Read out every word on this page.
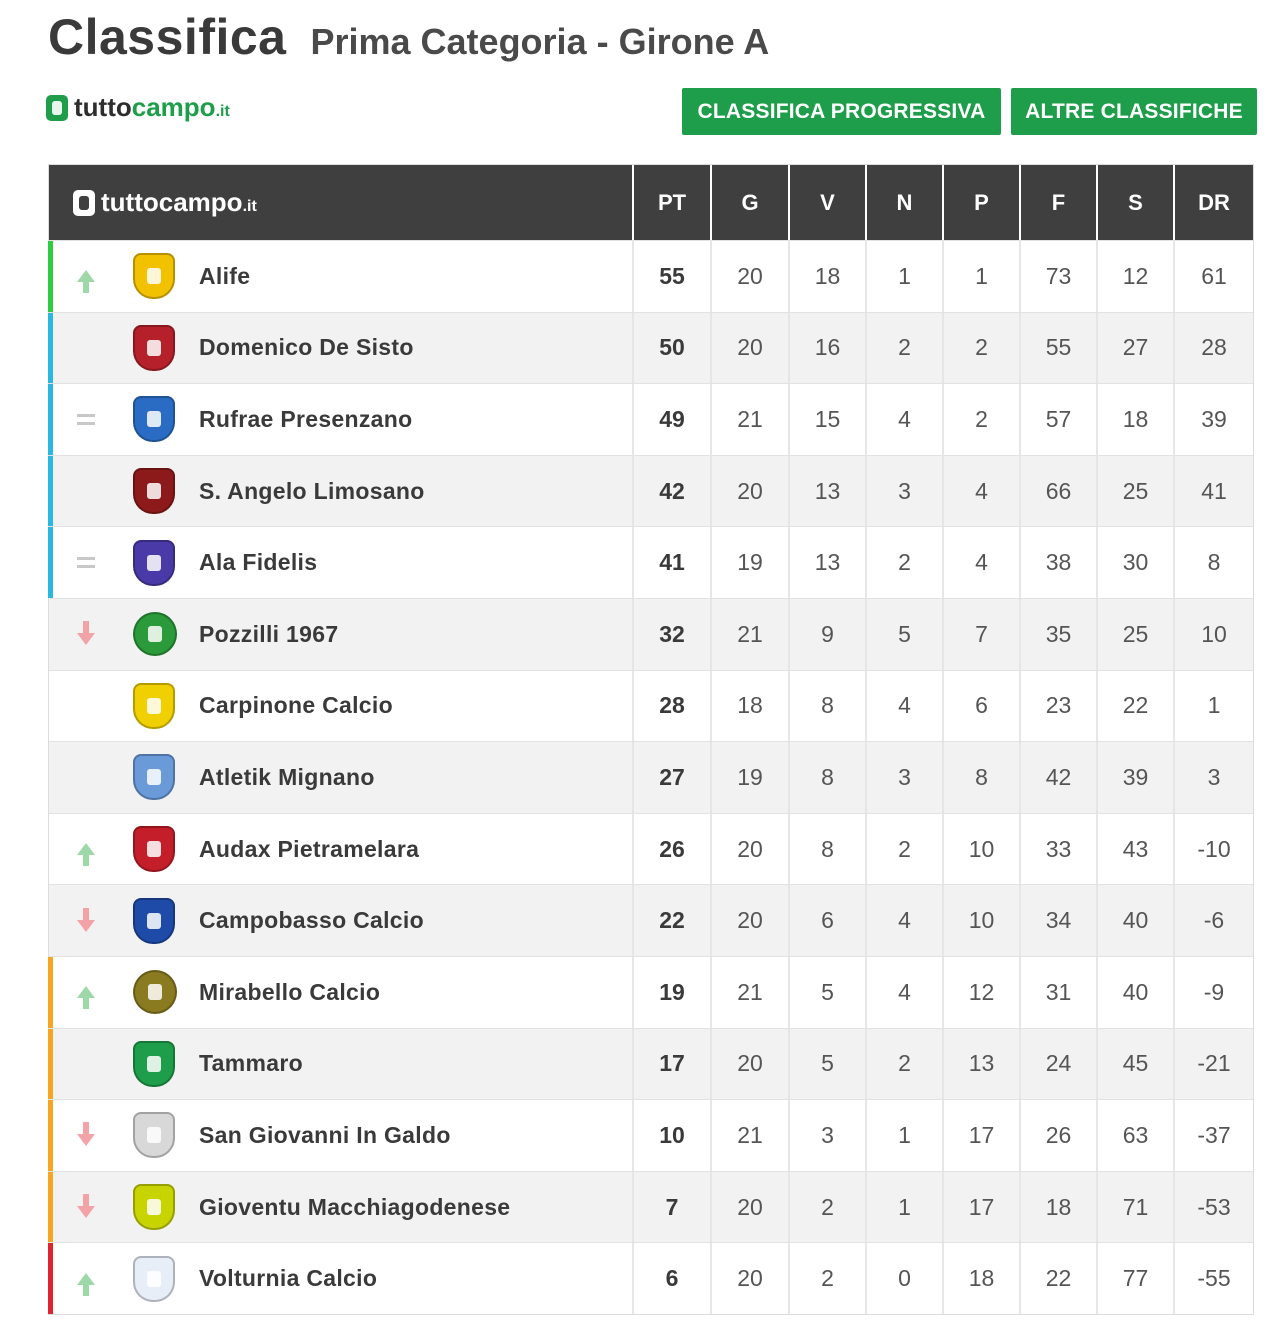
Classifica Prima Categoria - Girone A
tuttocampo.it	CLASSIFICA PROGRESSIVA	ALTRE CLASSIFICHE
tuttocampo.it	PT	G	V	N	P	F	S	DR
Alife	55	20	18	1	1	73	12	61
Domenico De Sisto	50	20	16	2	2	55	27	28
Rufrae Presenzano	49	21	15	4	2	57	18	39
S. Angelo Limosano	42	20	13	3	4	66	25	41
Ala Fidelis	41	19	13	2	4	38	30	8
Pozzilli 1967	32	21	9	5	7	35	25	10
Carpinone Calcio	28	18	8	4	6	23	22	1
Atletik Mignano	27	19	8	3	8	42	39	3
Audax Pietramelara	26	20	8	2	10	33	43	-10
Campobasso Calcio	22	20	6	4	10	34	40	-6
Mirabello Calcio	19	21	5	4	12	31	40	-9
Tammaro	17	20	5	2	13	24	45	-21
San Giovanni In Galdo	10	21	3	1	17	26	63	-37
Gioventu Macchiagodenese	7	20	2	1	17	18	71	-53
Volturnia Calcio	6	20	2	0	18	22	77	-55
